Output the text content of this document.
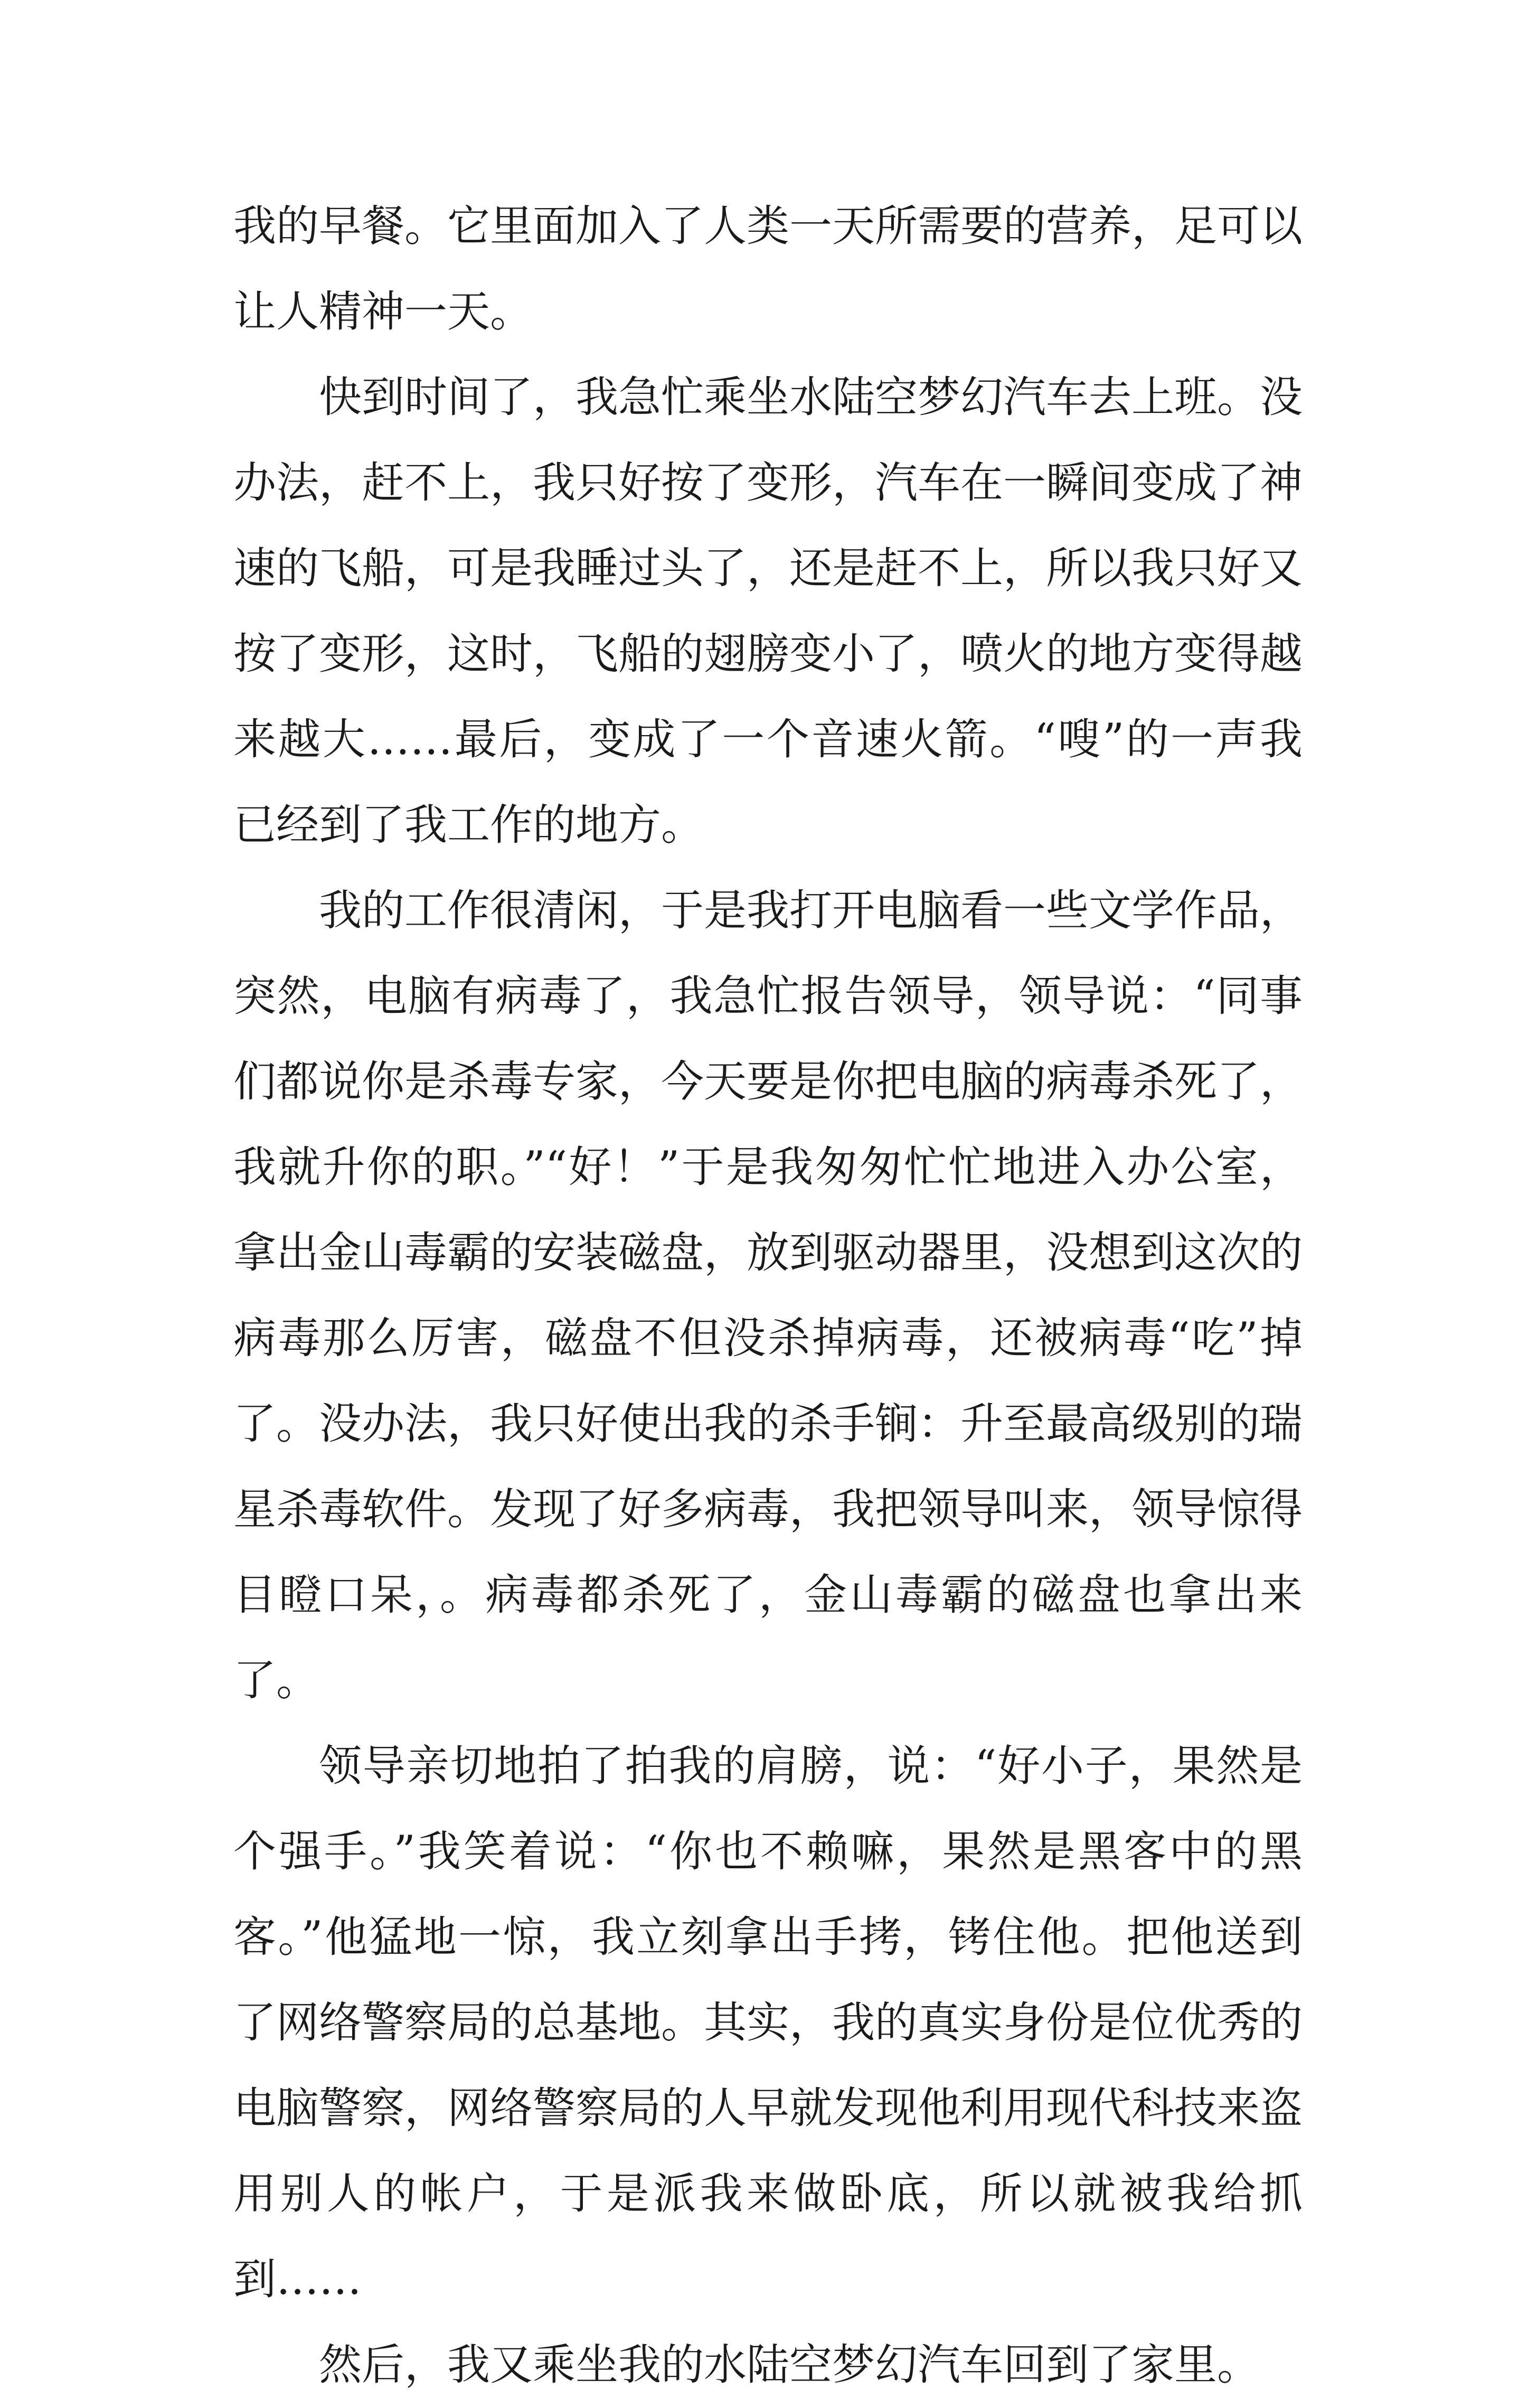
我的早餐。它里面加入了人类一天所需要的营养，足可以让人精神一天。

快到时间了，我急忙乘坐水陆空梦幻汽车去上班。没办法，赶不上，我只好按了变形，汽车在一瞬间变成了神速的飞船，可是我睡过头了，还是赶不上，所以我只好又按了变形，这时，飞船的翅膀变小了，喷火的地方变得越来越大……最后，变成了一个音速火箭。“嗖”的一声我已经到了我工作的地方。

我的工作很清闲，于是我打开电脑看一些文学作品，突然，电脑有病毒了，我急忙报告领导，领导说：“同事们都说你是杀毒专家，今天要是你把电脑的病毒杀死了，我就升你的职。”“好！”于是我匆匆忙忙地进入办公室，拿出金山毒霸的安装磁盘，放到驱动器里，没想到这次的病毒那么厉害，磁盘不但没杀掉病毒，还被病毒“吃”掉了。没办法，我只好使出我的杀手锏：升至最高级别的瑞星杀毒软件。发现了好多病毒，我把领导叫来，领导惊得目瞪口呆，。病毒都杀死了，金山毒霸的磁盘也拿出来了。

领导亲切地拍了拍我的肩膀，说：“好小子，果然是个强手。”我笑着说：“你也不赖嘛，果然是黑客中的黑客。”他猛地一惊，我立刻拿出手拷，铐住他。把他送到了网络警察局的总基地。其实，我的真实身份是位优秀的电脑警察，网络警察局的人早就发现他利用现代科技来盗用别人的帐户，于是派我来做卧底，所以就被我给抓到……

然后，我又乘坐我的水陆空梦幻汽车回到了家里。
